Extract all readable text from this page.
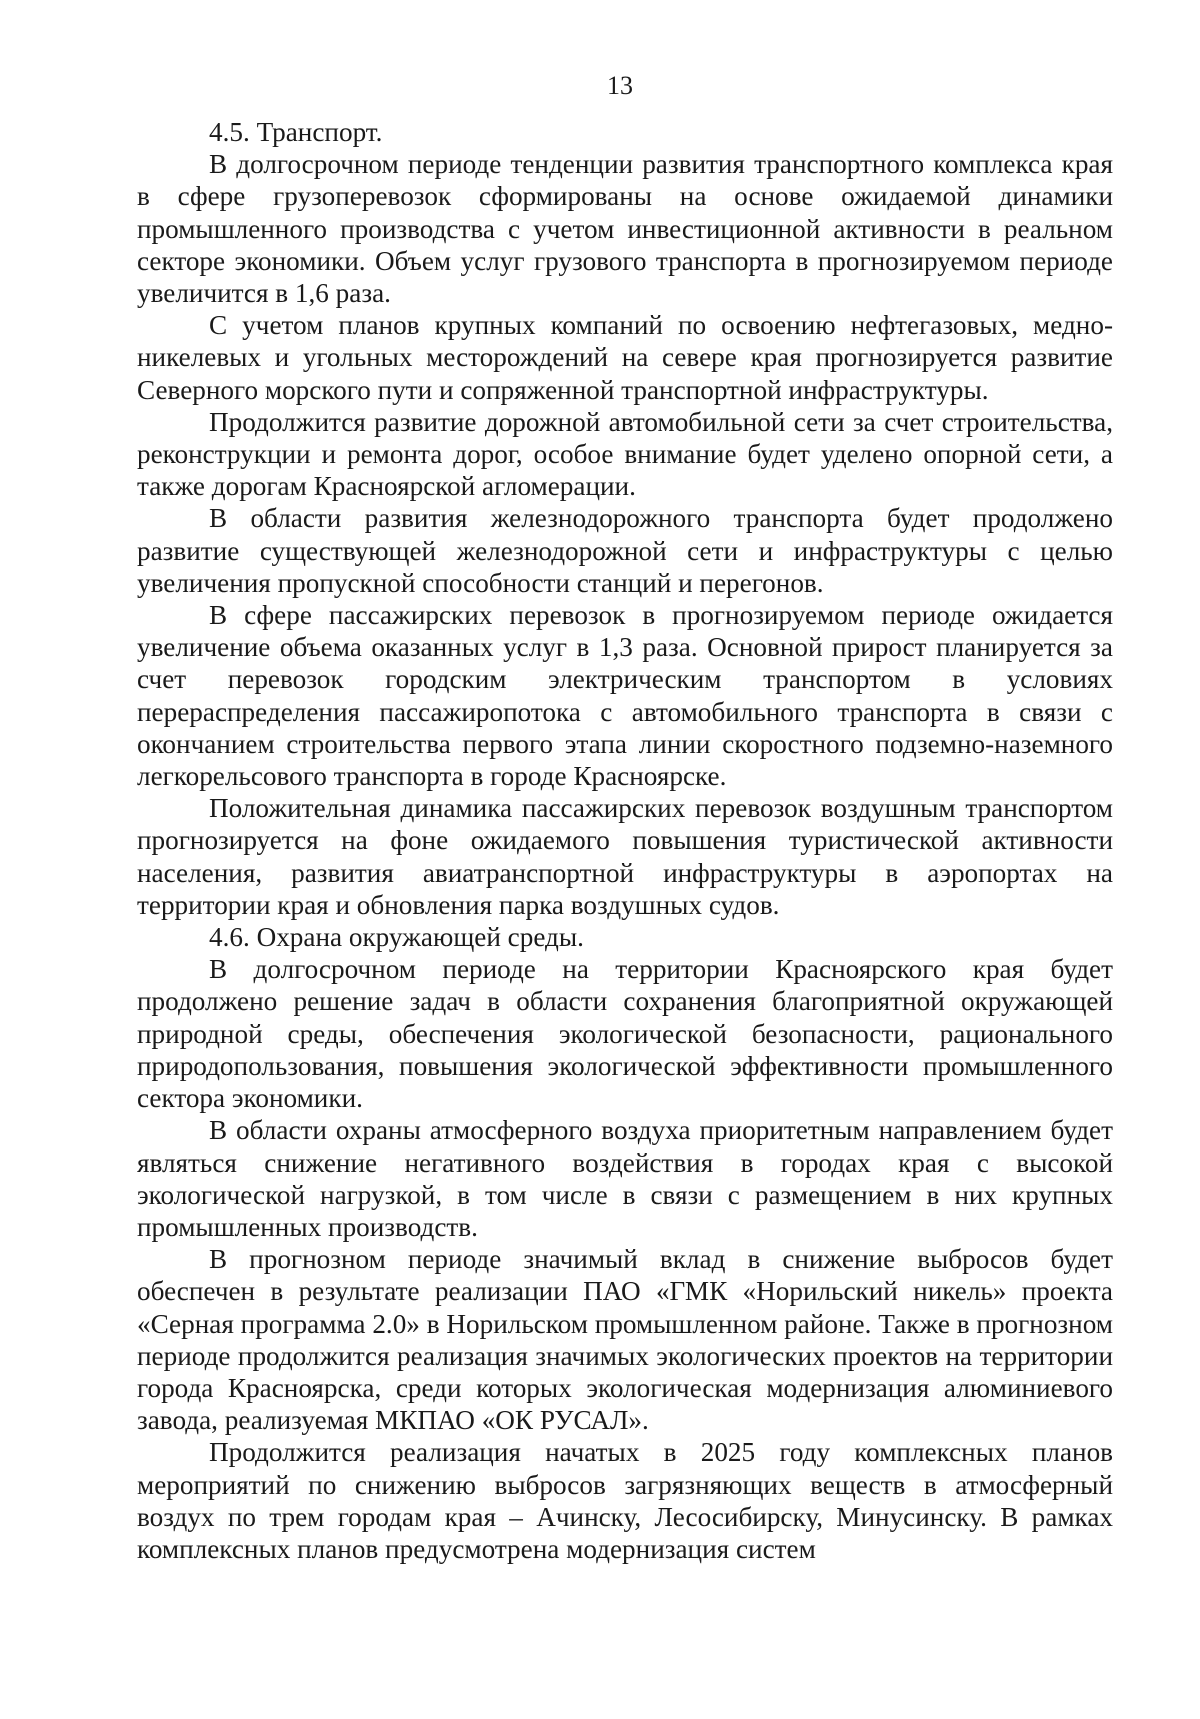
13

4.5. Транспорт.

В долгосрочном периоде тенденции развития транспортного комплекса края в сфере грузоперевозок сформированы на основе ожидаемой динамики промышленного производства с учетом инвестиционной активности в реальном секторе экономики. Объем услуг грузового транспорта в прогнозируемом периоде увеличится в 1,6 раза.

С учетом планов крупных компаний по освоению нефтегазовых, медно-никелевых и угольных месторождений на севере края прогнозируется развитие Северного морского пути и сопряженной транспортной инфраструктуры.

Продолжится развитие дорожной автомобильной сети за счет строительства, реконструкции и ремонта дорог, особое внимание будет уделено опорной сети, а также дорогам Красноярской агломерации.

В области развития железнодорожного транспорта будет продолжено развитие существующей железнодорожной сети и инфраструктуры с целью увеличения пропускной способности станций и перегонов.

В сфере пассажирских перевозок в прогнозируемом периоде ожидается увеличение объема оказанных услуг в 1,3 раза. Основной прирост планируется за счет перевозок городским электрическим транспортом в условиях перераспределения пассажиропотока с автомобильного транспорта в связи с окончанием строительства первого этапа линии скоростного подземно-наземного легкорельсового транспорта в городе Красноярске.

Положительная динамика пассажирских перевозок воздушным транспортом прогнозируется на фоне ожидаемого повышения туристической активности населения, развития авиатранспортной инфраструктуры в аэропортах на территории края и обновления парка воздушных судов.

4.6. Охрана окружающей среды.

В долгосрочном периоде на территории Красноярского края будет продолжено решение задач в области сохранения благоприятной окружающей природной среды, обеспечения экологической безопасности, рационального природопользования, повышения экологической эффективности промышленного сектора экономики.

В области охраны атмосферного воздуха приоритетным направлением будет являться снижение негативного воздействия в городах края с высокой экологической нагрузкой, в том числе в связи с размещением в них крупных промышленных производств.

В прогнозном периоде значимый вклад в снижение выбросов будет обеспечен в результате реализации ПАО «ГМК «Норильский никель» проекта «Серная программа 2.0» в Норильском промышленном районе. Также в прогнозном периоде продолжится реализация значимых экологических проектов на территории города Красноярска, среди которых экологическая модернизация алюминиевого завода, реализуемая МКПАО «ОК РУСАЛ».

Продолжится реализация начатых в 2025 году комплексных планов мероприятий по снижению выбросов загрязняющих веществ в атмосферный воздух по трем городам края – Ачинску, Лесосибирску, Минусинску. В рамках комплексных планов предусмотрена модернизация систем
